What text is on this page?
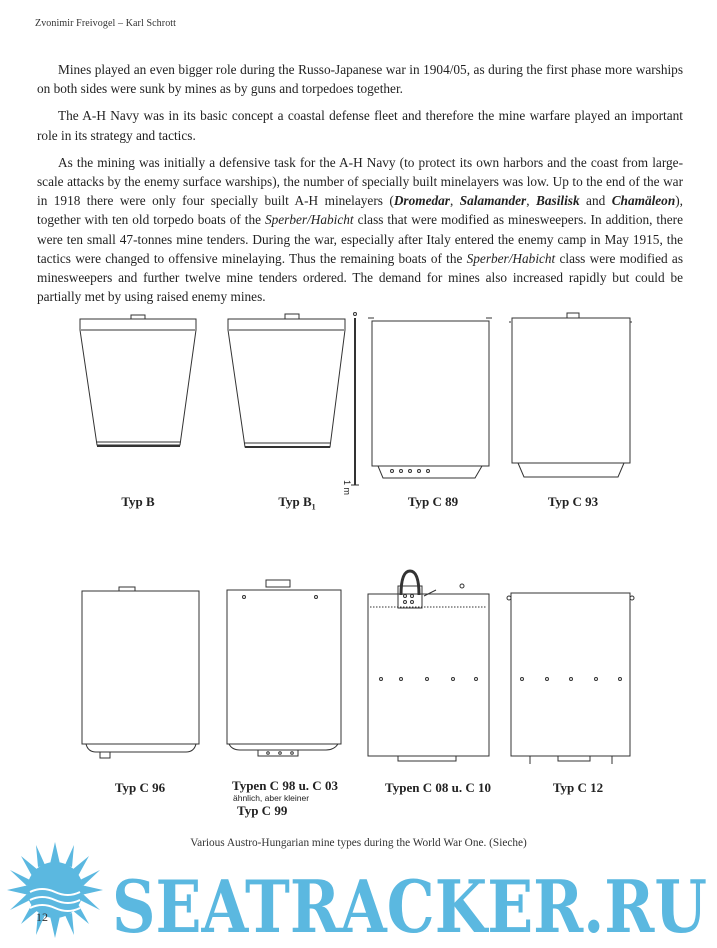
Zvonimir Freivogel – Karl Schrott

Mines played an even bigger role during the Russo-Japanese war in 1904/05, as during the first phase more warships on both sides were sunk by mines as by guns and torpedoes together.

The A-H Navy was in its basic concept a coastal defense fleet and therefore the mine warfare played an important role in its strategy and tactics.

As the mining was initially a defensive task for the A-H Navy (to protect its own harbors and the coast from large-scale attacks by the enemy surface warships), the number of specially built minelayers was low. Up to the end of the war in 1918 there were only four specially built A-H minelayers (Dromedar, Salamander, Basilisk and Chamäleon), together with ten old torpedo boats of the Sperber/Habicht class that were modified as minesweepers. In addition, there were ten small 47-tonnes mine tenders. During the war, especially after Italy entered the enemy camp in May 1915, the tactics were changed to offensive minelaying. Thus the remaining boats of the Sperber/Habicht class were modified as minesweepers and further twelve mine tenders ordered. The demand for mines also increased rapidly but could be partially met by using raised enemy mines.

1 m
Typ B	Typ $B_1$	Typ C 89	Typ C 93
Typ C 96	Typen C 98 u. C 03
ähnlich, aber kleiner
Typ C 99
Typen C 08 u. C 10	Typ C 12
Various Austro-Hungarian mine types during the World War One. (Sieche)
SEATRACKER.RU
12
